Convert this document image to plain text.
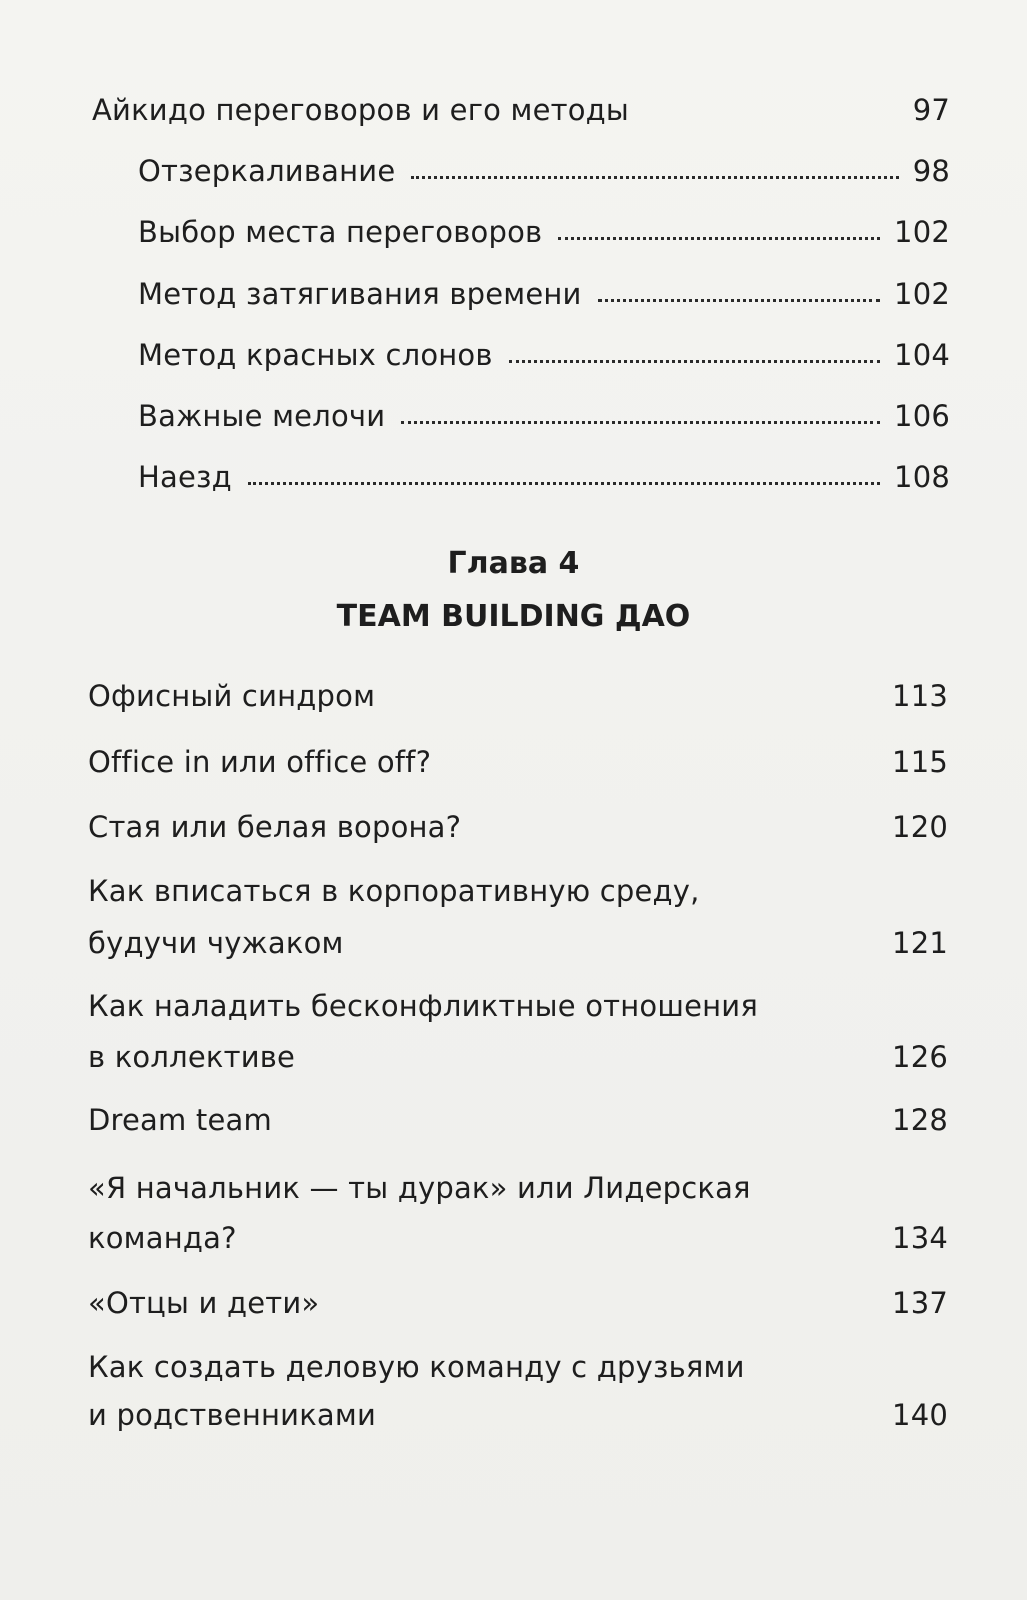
Айкидо переговоров и его методы	97
Отзеркаливание	98
Выбор места переговоров	102
Метод затягивания времени	102
Метод красных слонов	104
Важные мелочи	106
Наезд	108
Глава 4
TEAM BUILDING ДАО
Офисный синдром	113
Office in или office off?	115
Стая или белая ворона?	120
Как вписаться в корпоративную среду,
будучи чужаком	121
Как наладить бесконфликтные отношения
в коллективе	126
Dream team	128
«Я начальник — ты дурак» или Лидерская
команда?	134
«Отцы и дети»	137
Как создать деловую команду с друзьями
и родственниками	140
